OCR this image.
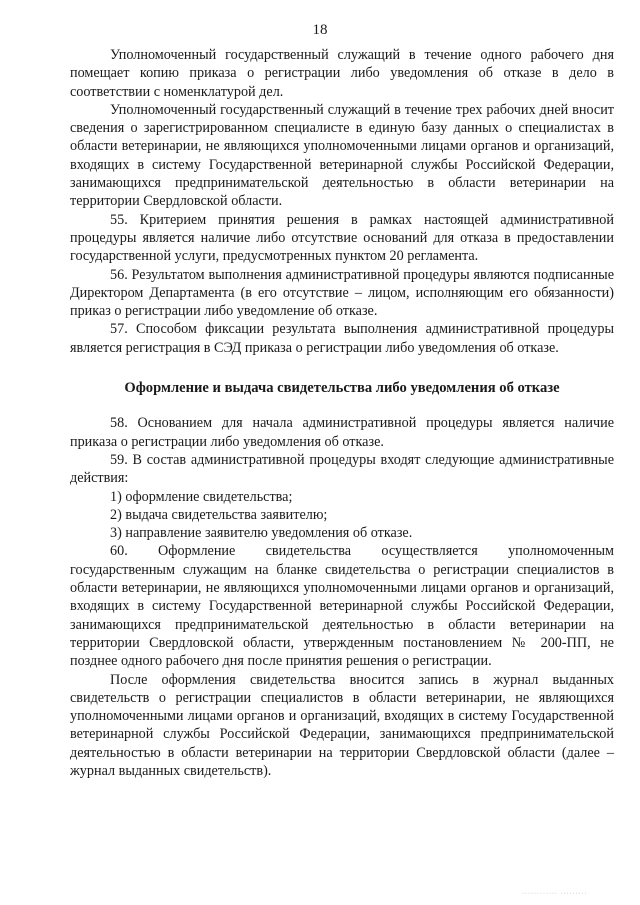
18

Уполномоченный государственный служащий в течение одного рабочего дня помещает копию приказа о регистрации либо уведомления об отказе в дело в соответствии с номенклатурой дел.

Уполномоченный государственный служащий в течение трех рабочих дней вносит сведения о зарегистрированном специалисте в единую базу данных о специалистах в области ветеринарии, не являющихся уполномоченными лицами органов и организаций, входящих в систему Государственной ветеринарной службы Российской Федерации, занимающихся предпринимательской деятельностью в области ветеринарии на территории Свердловской области.

55. Критерием принятия решения в рамках настоящей административной процедуры является наличие либо отсутствие оснований для отказа в предоставлении государственной услуги, предусмотренных пунктом 20 регламента.

56. Результатом выполнения административной процедуры являются подписанные Директором Департамента (в его отсутствие – лицом, исполняющим его обязанности) приказ о регистрации либо уведомление об отказе.

57. Способом фиксации результата выполнения административной процедуры является регистрация в СЭД приказа о регистрации либо уведомления об отказе.

Оформление и выдача свидетельства либо уведомления об отказе

58. Основанием для начала административной процедуры является наличие приказа о регистрации либо уведомления об отказе.

59. В состав административной процедуры входят следующие административные действия:

1) оформление свидетельства;

2) выдача свидетельства заявителю;

3) направление заявителю уведомления об отказе.

60. Оформление свидетельства осуществляется уполномоченным государственным служащим на бланке свидетельства о регистрации специалистов в области ветеринарии, не являющихся уполномоченными лицами органов и организаций, входящих в систему Государственной ветеринарной службы Российской Федерации, занимающихся предпринимательской деятельностью в области ветеринарии на территории Свердловской области, утвержденным постановлением № 200-ПП, не позднее одного рабочего дня после принятия решения о регистрации.

После оформления свидетельства вносится запись в журнал выданных свидетельств о регистрации специалистов в области ветеринарии, не являющихся уполномоченными лицами органов и организаций, входящих в систему Государственной ветеринарной службы Российской Федерации, занимающихся предпринимательской деятельностью в области ветеринарии на территории Свердловской области (далее – журнал выданных свидетельств).

············ ·········
